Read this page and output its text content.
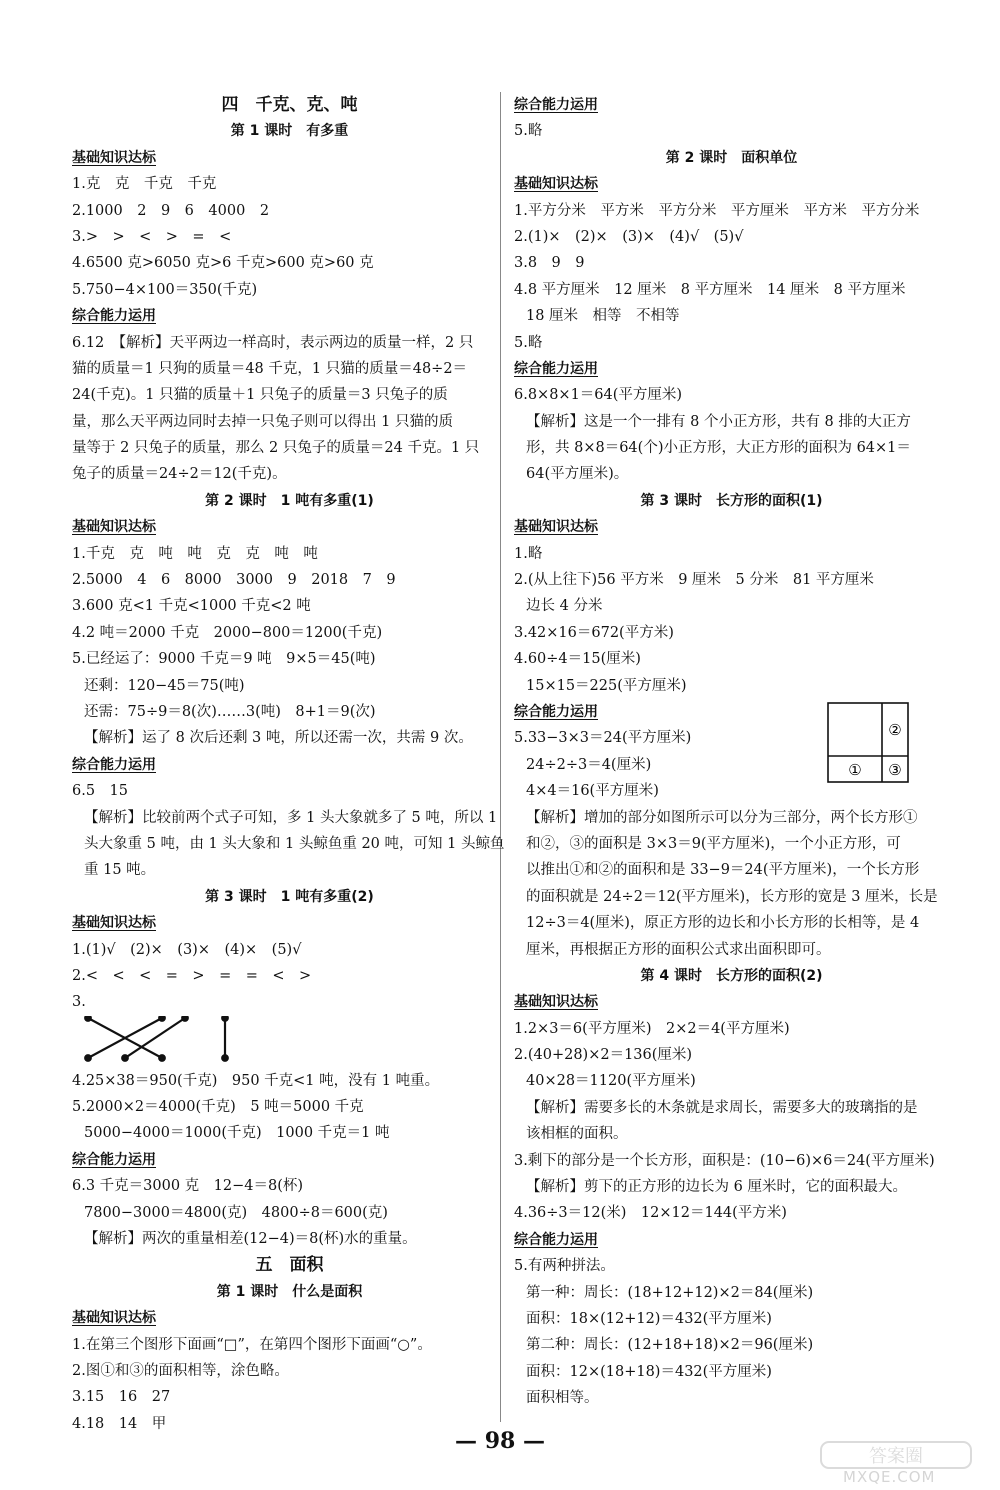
四　千克、克、吨
第 1 课时　有多重
基础知识达标
1.克　克　千克　千克
2.1000　2　9　6　4000　2
3.>　>　<　>　=　<
4.6500 克>6050 克>6 千克>600 克>60 克
5.750−4×100＝350(千克)
综合能力运用
6.12　【解析】天平两边一样高时，表示两边的质量一样，2 只
猫的质量＝1 只狗的质量＝48 千克，1 只猫的质量＝48÷2＝
24(千克)。1 只猫的质量＋1 只兔子的质量＝3 只兔子的质
量，那么天平两边同时去掉一只兔子则可以得出 1 只猫的质
量等于 2 只兔子的质量，那么 2 只兔子的质量＝24 千克。1 只
兔子的质量＝24÷2＝12(千克)。
第 2 课时　1 吨有多重(1)
基础知识达标
1.千克　克　吨　吨　克　克　吨　吨
2.5000　4　6　8000　3000　9　2018　7　9
3.600 克<1 千克<1000 千克<2 吨
4.2 吨＝2000 千克　2000−800＝1200(千克)
5.已经运了：9000 千克＝9 吨　9×5＝45(吨)
还剩：120−45＝75(吨)
还需：75÷9＝8(次)……3(吨)　8+1＝9(次)
【解析】运了 8 次后还剩 3 吨，所以还需一次，共需 9 次。
综合能力运用
6.5　15
【解析】比较前两个式子可知，多 1 头大象就多了 5 吨，所以 1
头大象重 5 吨，由 1 头大象和 1 头鲸鱼重 20 吨，可知 1 头鲸鱼
重 15 吨。
第 3 课时　1 吨有多重(2)
基础知识达标
1.(1)√　(2)×　(3)×　(4)×　(5)√
2.<　<　<　=　>　=　=　<　>
3.
4.25×38＝950(千克)　950 千克<1 吨，没有 1 吨重。
5.2000×2＝4000(千克)　5 吨＝5000 千克
5000−4000＝1000(千克)　1000 千克＝1 吨
综合能力运用
6.3 千克＝3000 克　12−4＝8(杯)
7800−3000＝4800(克)　4800÷8＝600(克)
【解析】两次的重量相差(12−4)＝8(杯)水的重量。
五　面积
第 1 课时　什么是面积
基础知识达标
1.在第三个图形下面画“□”，在第四个图形下面画“○”。
2.图①和③的面积相等，涂色略。
3.15　16　27
4.18　14　甲
综合能力运用
5.略
第 2 课时　面积单位
基础知识达标
1.平方分米　平方米　平方分米　平方厘米　平方米　平方分米
2.(1)×　(2)×　(3)×　(4)√　(5)√
3.8　9　9
4.8 平方厘米　12 厘米　8 平方厘米　14 厘米　8 平方厘米
18 厘米　相等　不相等
5.略
综合能力运用
6.8×8×1＝64(平方厘米)
【解析】这是一个一排有 8 个小正方形，共有 8 排的大正方
形，共 8×8＝64(个)小正方形，大正方形的面积为 64×1＝
64(平方厘米)。
第 3 课时　长方形的面积(1)
基础知识达标
1.略
2.(从上往下)56 平方米　9 厘米　5 分米　81 平方厘米
边长 4 分米
3.42×16＝672(平方米)
4.60÷4＝15(厘米)
15×15＝225(平方厘米)
②
① ③
综合能力运用
5.33−3×3＝24(平方厘米)
24÷2÷3＝4(厘米)
4×4＝16(平方厘米)
【解析】增加的部分如图所示可以分为三部分，两个长方形①
和②，③的面积是 3×3＝9(平方厘米)，一个小正方形，可
以推出①和②的面积和是 33−9＝24(平方厘米)，一个长方形
的面积就是 24÷2＝12(平方厘米)，长方形的宽是 3 厘米，长是
12÷3＝4(厘米)，原正方形的边长和小长方形的长相等，是 4
厘米，再根据正方形的面积公式求出面积即可。
第 4 课时　长方形的面积(2)
基础知识达标
1.2×3＝6(平方厘米)　2×2＝4(平方厘米)
2.(40+28)×2＝136(厘米)
40×28＝1120(平方厘米)
【解析】需要多长的木条就是求周长，需要多大的玻璃指的是
该相框的面积。
3.剩下的部分是一个长方形，面积是：(10−6)×6＝24(平方厘米)
【解析】剪下的正方形的边长为 6 厘米时，它的面积最大。
4.36÷3＝12(米)　12×12＝144(平方米)
综合能力运用
5.有两种拼法。
第一种：周长：(18+12+12)×2＝84(厘米)
面积：18×(12+12)＝432(平方厘米)
第二种：周长：(12+18+18)×2＝96(厘米)
面积：12×(18+18)＝432(平方厘米)
面积相等。
— 98 —
答案圈
MXQE.COM
